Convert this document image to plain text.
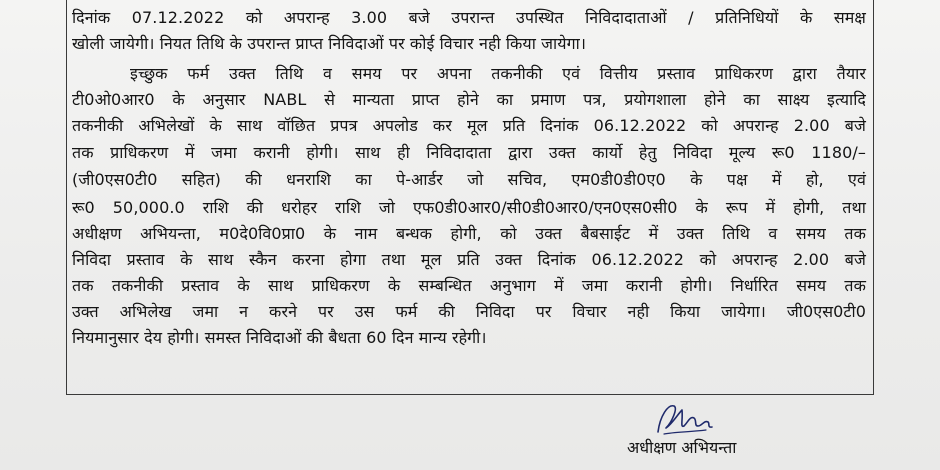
दिनांक 07.12.2022 को अपरान्ह 3.00 बजे उपरान्त उपस्थित निविदादाताओं / प्रतिनिधियों के समक्ष
खोली जायेगी। नियत तिथि के उपरान्त प्राप्त निविदाओं पर कोई विचार नही किया जायेगा।
इच्छुक फर्म उक्त तिथि व समय पर अपना तकनीकी एवं वित्तीय प्रस्ताव प्राधिकरण द्वारा तैयार
टी0ओ0आर0 के अनुसार NABL से मान्यता प्राप्त होने का प्रमाण पत्र, प्रयोगशाला होने का साक्ष्य इत्यादि
तकनीकी अभिलेखों के साथ वॉछित प्रपत्र अपलोड कर मूल प्रति दिनांक 06.12.2022 को अपरान्ह 2.00 बजे
तक प्राधिकरण में जमा करानी होगी। साथ ही निविदादाता द्वारा उक्त कार्यो हेतु निविदा मूल्य रू0 1180/–
(जी0एस0टी0 सहित) की धनराशि का पे-आर्डर जो सचिव, एम0डी0डी0ए0 के पक्ष में हो, एवं
रू0 50,000.0 राशि की धरोहर राशि जो एफ0डी0आर0/सी0डी0आर0/एन0एस0सी0 के रूप में होगी, तथा
अधीक्षण अभियन्ता, म0दे0वि0प्रा0 के नाम बन्धक होगी, को उक्त बैबसाईट में उक्त तिथि व समय तक
निविदा प्रस्ताव के साथ स्कैन करना होगा तथा मूल प्रति उक्त दिनांक 06.12.2022 को अपरान्ह 2.00 बजे
तक तकनीकी प्रस्ताव के साथ प्राधिकरण के सम्बन्धित अनुभाग में जमा करानी होगी। निर्धारित समय तक
उक्त अभिलेख जमा न करने पर उस फर्म की निविदा पर विचार नही किया जायेगा। जी0एस0टी0
नियमानुसार देय होगी। समस्त निविदाओं की बैधता 60 दिन मान्य रहेगी।
अधीक्षण अभियन्ता
